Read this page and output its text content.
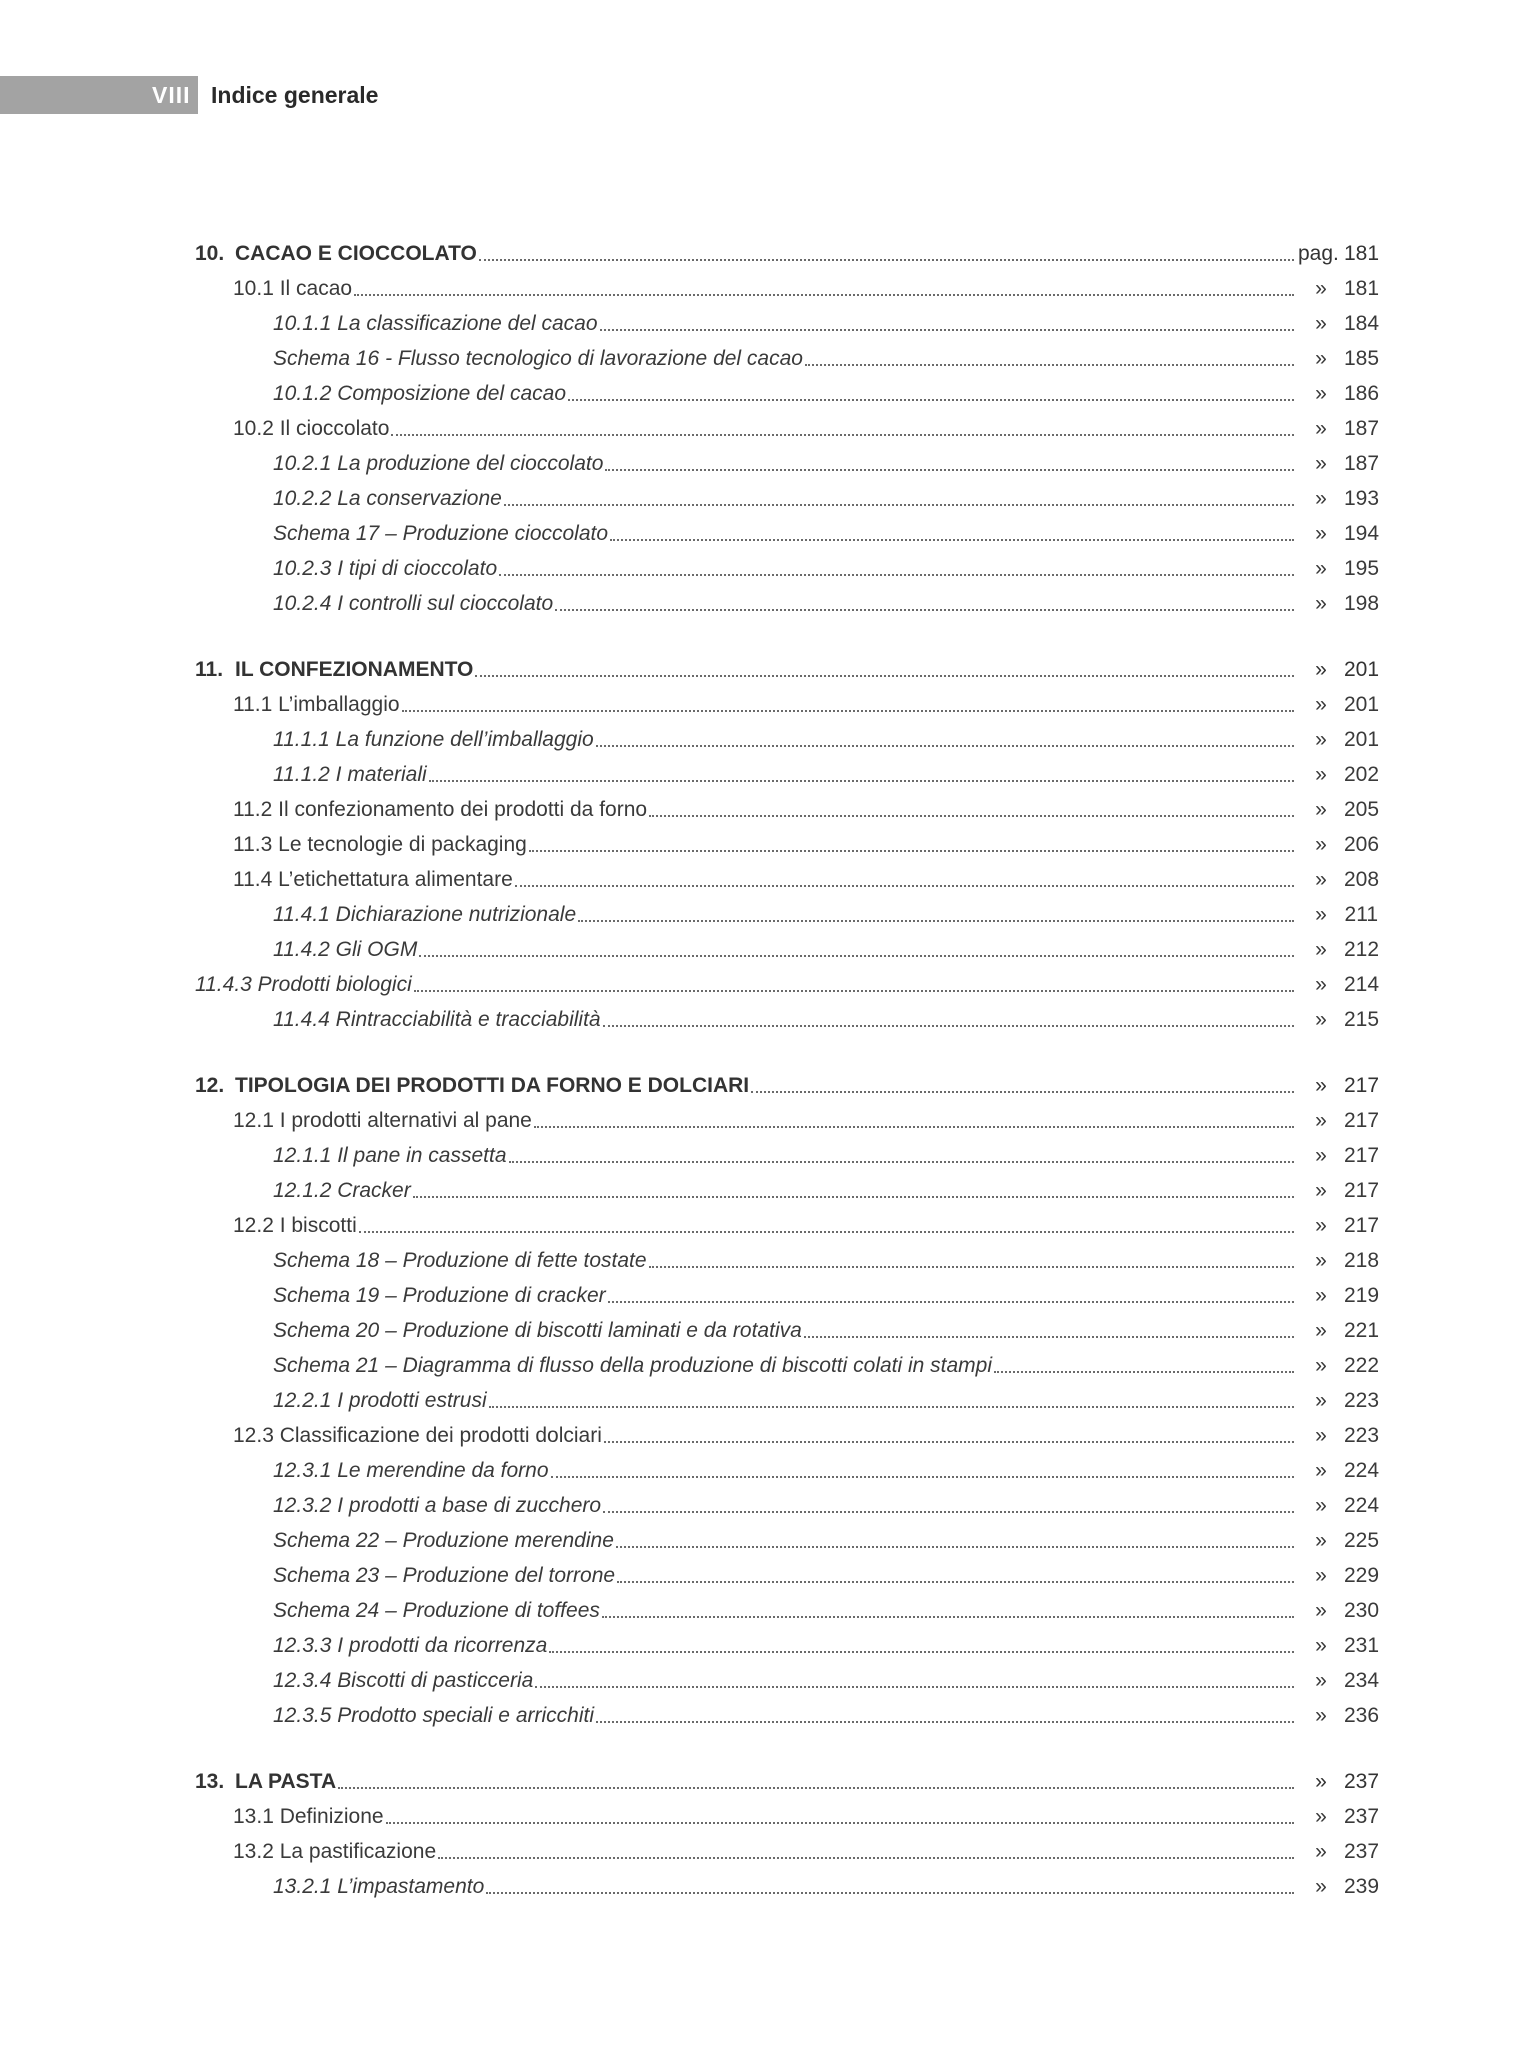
VIII Indice generale
10. CACAO E CIOCCOLATO	pag. 181
10.1 Il cacao	» 181
10.1.1 La classificazione del cacao	» 184
Schema 16 - Flusso tecnologico di lavorazione del cacao	» 185
10.1.2 Composizione del cacao	» 186
10.2 Il cioccolato	» 187
10.2.1 La produzione del cioccolato	» 187
10.2.2 La conservazione	» 193
Schema 17 – Produzione cioccolato	» 194
10.2.3 I tipi di cioccolato	» 195
10.2.4 I controlli sul cioccolato	» 198
11. IL CONFEZIONAMENTO	» 201
11.1 L’imballaggio	» 201
11.1.1 La funzione dell’imballaggio	» 201
11.1.2 I materiali	» 202
11.2 Il confezionamento dei prodotti da forno	» 205
11.3 Le tecnologie di packaging	» 206
11.4 L’etichettatura alimentare	» 208
11.4.1 Dichiarazione nutrizionale	» 211
11.4.2 Gli OGM	» 212
11.4.3 Prodotti biologici	» 214
11.4.4 Rintracciabilità e tracciabilità	» 215
12. TIPOLOGIA DEI PRODOTTI DA FORNO E DOLCIARI	» 217
12.1 I prodotti alternativi al pane	» 217
12.1.1 Il pane in cassetta	» 217
12.1.2 Cracker	» 217
12.2 I biscotti	» 217
Schema 18 – Produzione di fette tostate	» 218
Schema 19 – Produzione di cracker	» 219
Schema 20 – Produzione di biscotti laminati e da rotativa	» 221
Schema 21 – Diagramma di flusso della produzione di biscotti colati in stampi	» 222
12.2.1 I prodotti estrusi	» 223
12.3 Classificazione dei prodotti dolciari	» 223
12.3.1 Le merendine da forno	» 224
12.3.2 I prodotti a base di zucchero	» 224
Schema 22 – Produzione merendine	» 225
Schema 23 – Produzione del torrone	» 229
Schema 24 – Produzione di toffees	» 230
12.3.3 I prodotti da ricorrenza	» 231
12.3.4 Biscotti di pasticceria	» 234
12.3.5 Prodotto speciali e arricchiti	» 236
13. LA PASTA	» 237
13.1 Definizione	» 237
13.2 La pastificazione	» 237
13.2.1 L’impastamento	» 239
